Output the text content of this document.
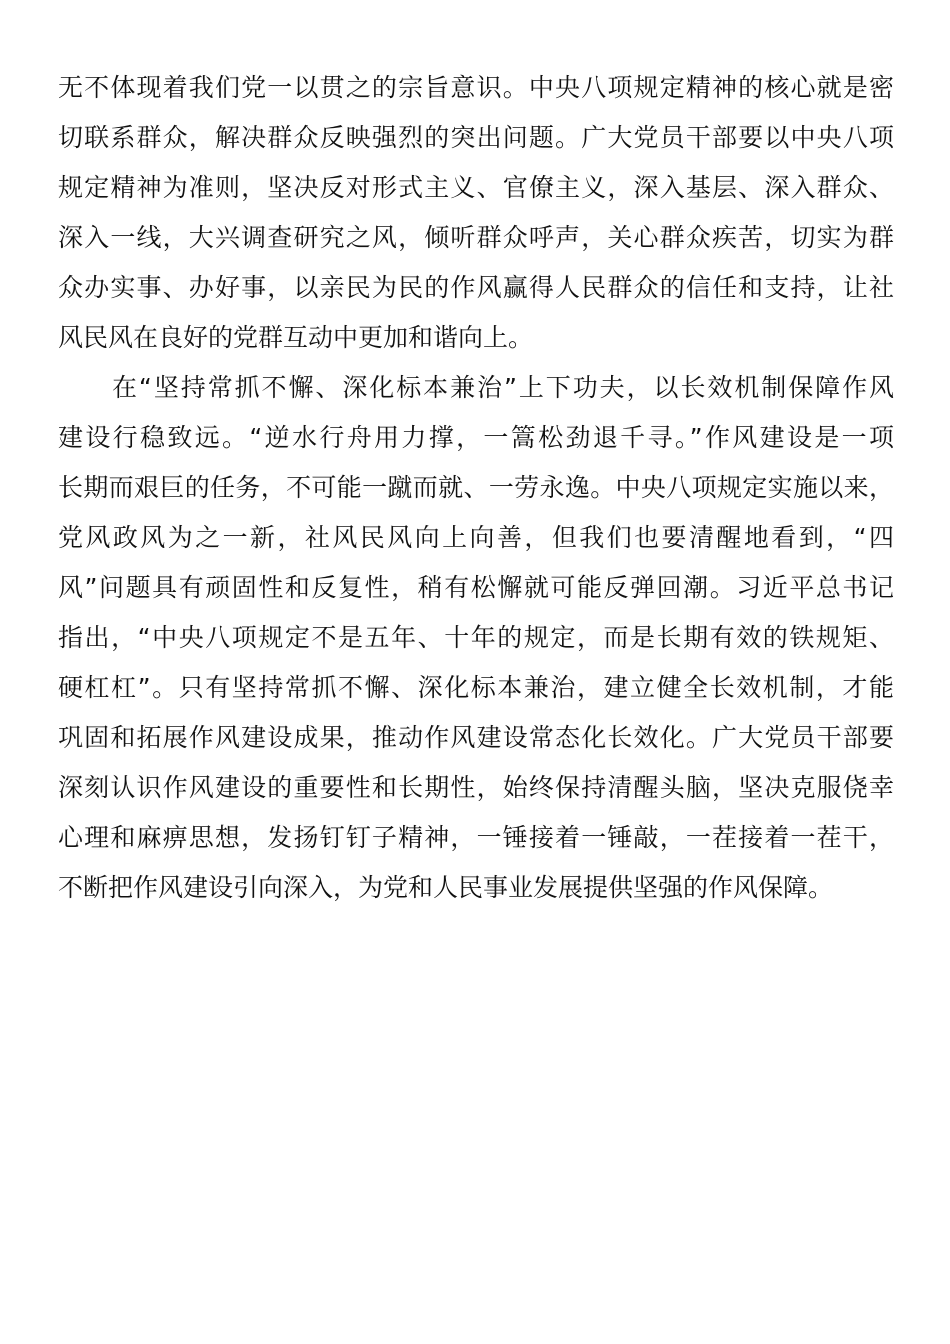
无不体现着我们党一以贯之的宗旨意识。中央八项规定精神的核心就是密
切联系群众，解决群众反映强烈的突出问题。广大党员干部要以中央八项
规定精神为准则，坚决反对形式主义、官僚主义，深入基层、深入群众、
深入一线，大兴调查研究之风，倾听群众呼声，关心群众疾苦，切实为群
众办实事、办好事，以亲民为民的作风赢得人民群众的信任和支持，让社
风民风在良好的党群互动中更加和谐向上。
在“坚持常抓不懈、深化标本兼治”上下功夫，以长效机制保障作风
建设行稳致远。“逆水行舟用力撑，一篙松劲退千寻。”作风建设是一项
长期而艰巨的任务，不可能一蹴而就、一劳永逸。中央八项规定实施以来，
党风政风为之一新，社风民风向上向善，但我们也要清醒地看到，“四
风”问题具有顽固性和反复性，稍有松懈就可能反弹回潮。习近平总书记
指出，“中央八项规定不是五年、十年的规定，而是长期有效的铁规矩、
硬杠杠”。只有坚持常抓不懈、深化标本兼治，建立健全长效机制，才能
巩固和拓展作风建设成果，推动作风建设常态化长效化。广大党员干部要
深刻认识作风建设的重要性和长期性，始终保持清醒头脑，坚决克服侥幸
心理和麻痹思想，发扬钉钉子精神，一锤接着一锤敲，一茬接着一茬干，
不断把作风建设引向深入，为党和人民事业发展提供坚强的作风保障。
